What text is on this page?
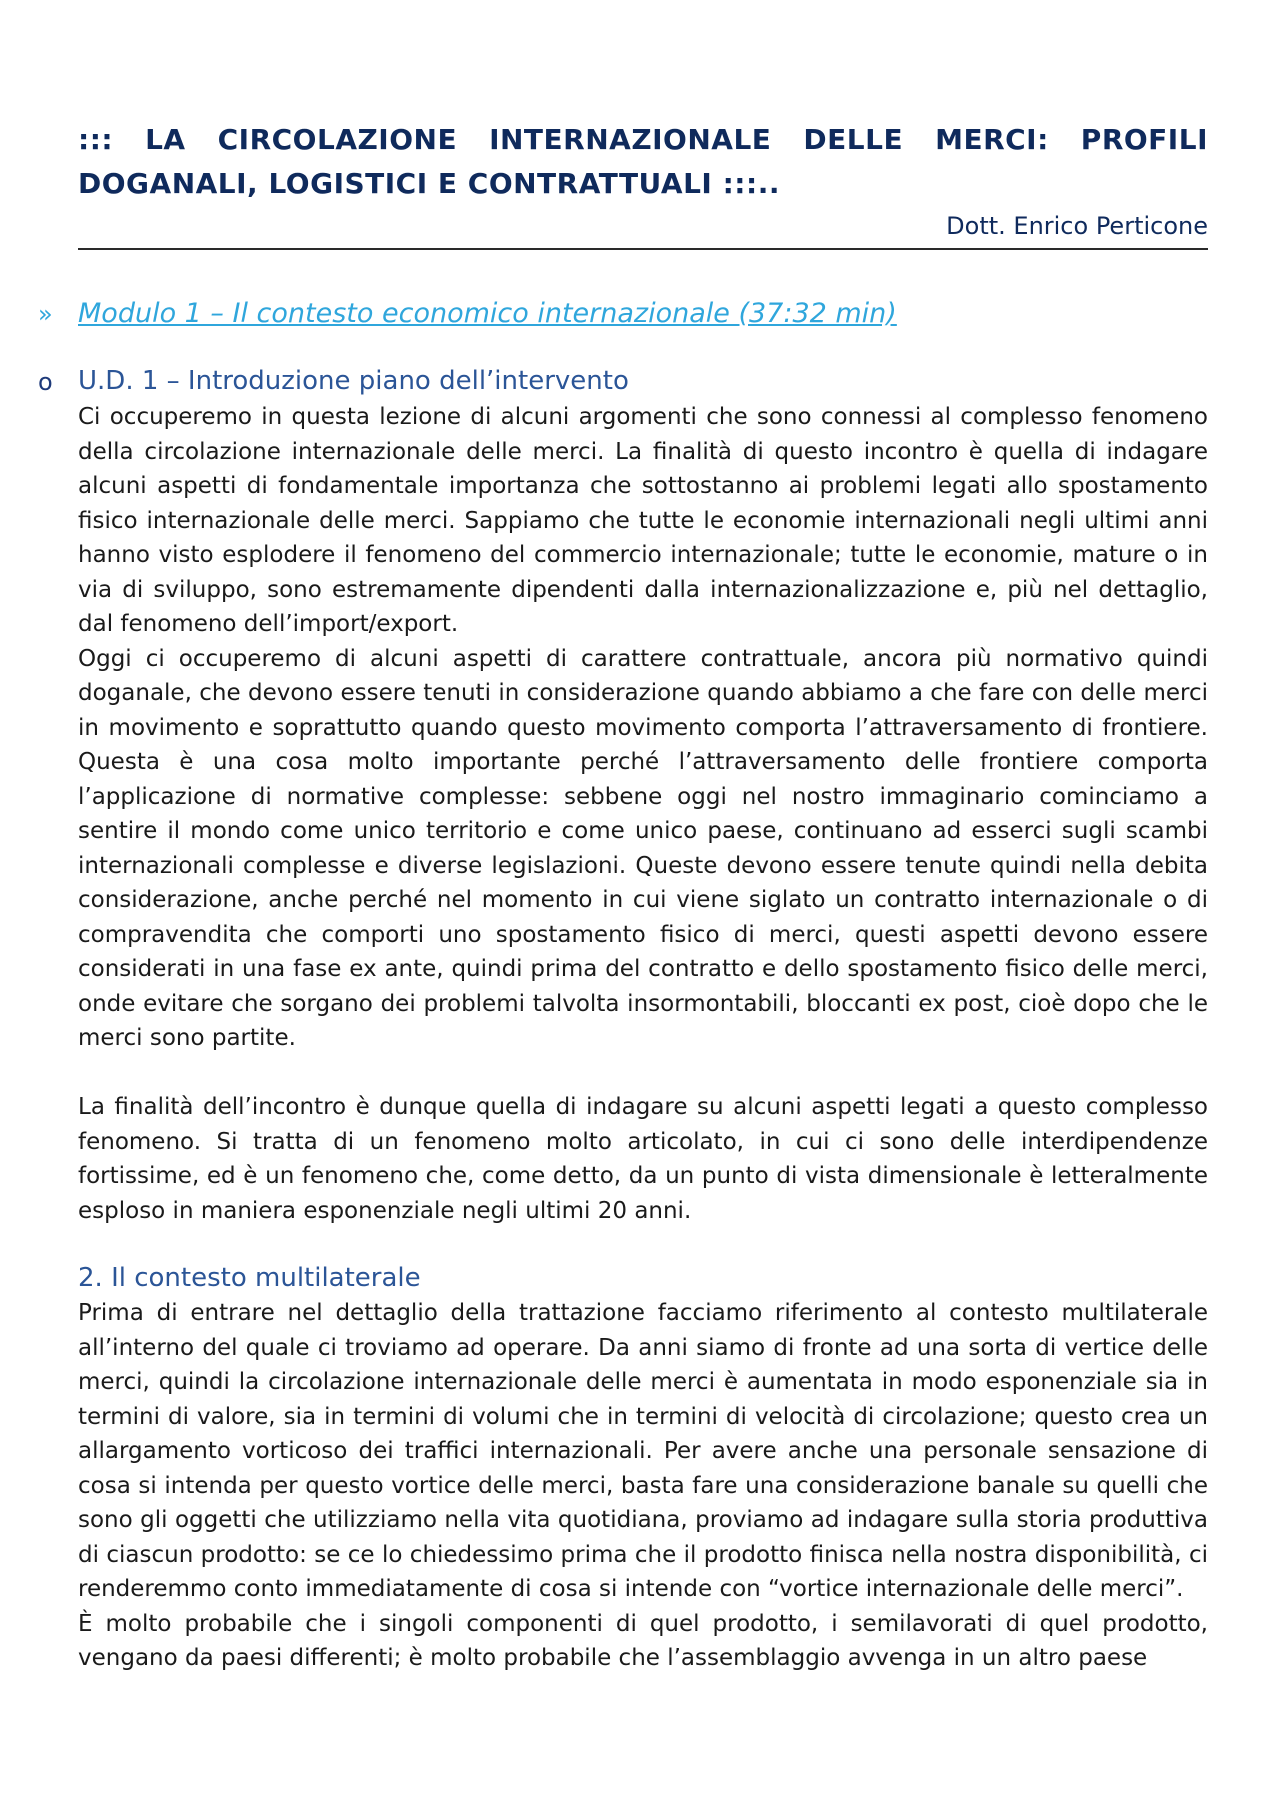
::: LA CIRCOLAZIONE INTERNAZIONALE DELLE MERCI: PROFILI DOGANALI, LOGISTICI E CONTRATTUALI :::..
Dott. Enrico Perticone
» Modulo 1 – Il contesto economico internazionale (37:32 min)
o U.D. 1 – Introduzione piano dell’intervento

Ci occuperemo in questa lezione di alcuni argomenti che sono connessi al complesso fenomeno della circolazione internazionale delle merci. La finalità di questo incontro è quella di indagare alcuni aspetti di fondamentale importanza che sottostanno ai problemi legati allo spostamento fisico internazionale delle merci. Sappiamo che tutte le economie internazionali negli ultimi anni hanno visto esplodere il fenomeno del commercio internazionale; tutte le economie, mature o in via di sviluppo, sono estremamente dipendenti dalla internazionalizzazione e, più nel dettaglio, dal fenomeno dell’import/export.

Oggi ci occuperemo di alcuni aspetti di carattere contrattuale, ancora più normativo quindi doganale, che devono essere tenuti in considerazione quando abbiamo a che fare con delle merci in movimento e soprattutto quando questo movimento comporta l’attraversamento di frontiere. Questa è una cosa molto importante perché l’attraversamento delle frontiere comporta l’applicazione di normative complesse: sebbene oggi nel nostro immaginario cominciamo a sentire il mondo come unico territorio e come unico paese, continuano ad esserci sugli scambi internazionali complesse e diverse legislazioni. Queste devono essere tenute quindi nella debita considerazione, anche perché nel momento in cui viene siglato un contratto internazionale o di compravendita che comporti uno spostamento fisico di merci, questi aspetti devono essere considerati in una fase ex ante, quindi prima del contratto e dello spostamento fisico delle merci, onde evitare che sorgano dei problemi talvolta insormontabili, bloccanti ex post, cioè dopo che le merci sono partite.

La finalità dell’incontro è dunque quella di indagare su alcuni aspetti legati a questo complesso fenomeno. Si tratta di un fenomeno molto articolato, in cui ci sono delle interdipendenze fortissime, ed è un fenomeno che, come detto, da un punto di vista dimensionale è letteralmente esploso in maniera esponenziale negli ultimi 20 anni.

2. Il contesto multilaterale

Prima di entrare nel dettaglio della trattazione facciamo riferimento al contesto multilaterale all’interno del quale ci troviamo ad operare. Da anni siamo di fronte ad una sorta di vertice delle merci, quindi la circolazione internazionale delle merci è aumentata in modo esponenziale sia in termini di valore, sia in termini di volumi che in termini di velocità di circolazione; questo crea un allargamento vorticoso dei traffici internazionali. Per avere anche una personale sensazione di cosa si intenda per questo vortice delle merci, basta fare una considerazione banale su quelli che sono gli oggetti che utilizziamo nella vita quotidiana, proviamo ad indagare sulla storia produttiva di ciascun prodotto: se ce lo chiedessimo prima che il prodotto finisca nella nostra disponibilità, ci renderemmo conto immediatamente di cosa si intende con “vortice internazionale delle merci”.

È molto probabile che i singoli componenti di quel prodotto, i semilavorati di quel prodotto, vengano da paesi differenti; è molto probabile che l’assemblaggio avvenga in un altro paese
